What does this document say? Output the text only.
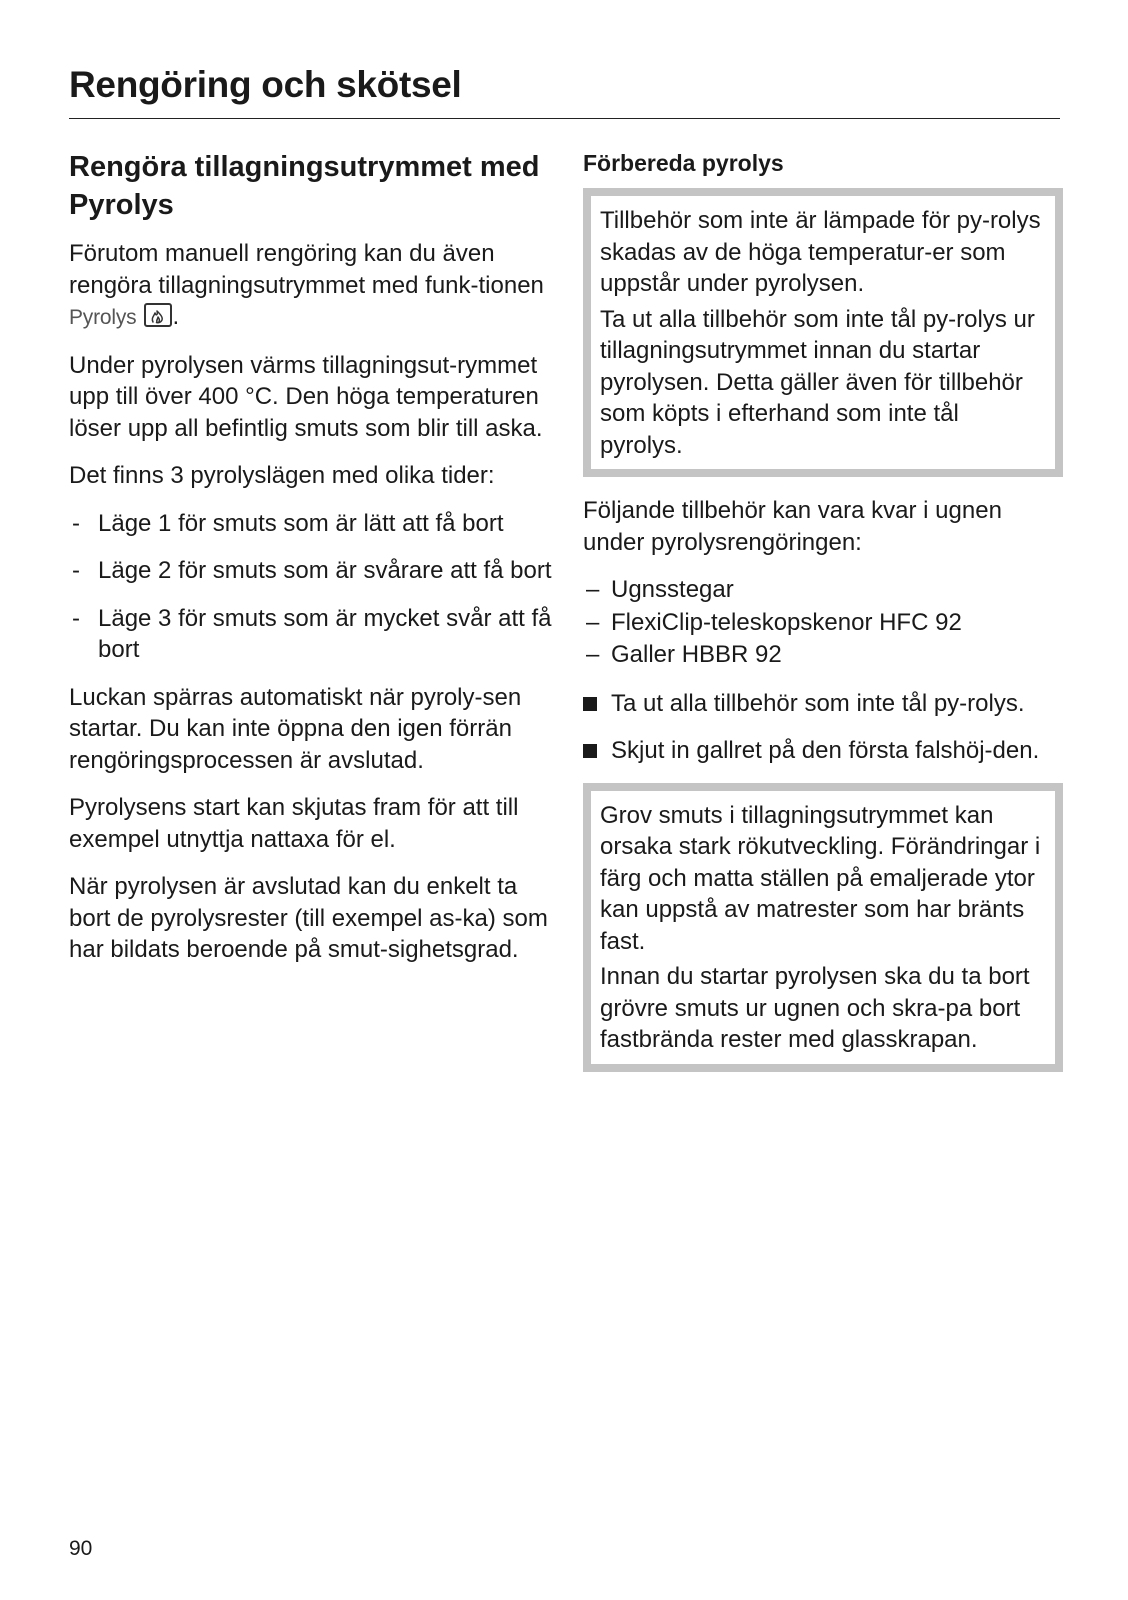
Rengöring och skötsel
Rengöra tillagningsutrymmet med Pyrolys

Förutom manuell rengöring kan du även rengöra tillagningsutrymmet med funk-tionen Pyrolys .

Under pyrolysen värms tillagningsut-rymmet upp till över 400 °C. Den höga temperaturen löser upp all befintlig smuts som blir till aska.

Det finns 3 pyrolyslägen med olika tider:

- Läge 1 för smuts som är lätt att få bort
- Läge 2 för smuts som är svårare att få bort
- Läge 3 för smuts som är mycket svår att få bort

Luckan spärras automatiskt när pyroly-sen startar. Du kan inte öppna den igen förrän rengöringsprocessen är avslutad.

Pyrolysens start kan skjutas fram för att till exempel utnyttja nattaxa för el.

När pyrolysen är avslutad kan du enkelt ta bort de pyrolysrester (till exempel as-ka) som har bildats beroende på smut-sighetsgrad.

Förbereda pyrolys

Tillbehör som inte är lämpade för py-rolys skadas av de höga temperatur-er som uppstår under pyrolysen.

Ta ut alla tillbehör som inte tål py-rolys ur tillagningsutrymmet innan du startar pyrolysen. Detta gäller även för tillbehör som köpts i efterhand som inte tål pyrolys.

Följande tillbehör kan vara kvar i ugnen under pyrolysrengöringen:

– Ugnsstegar
– FlexiClip-teleskopskenor HFC 92
– Galler HBBR 92
Ta ut alla tillbehör som inte tål py-rolys.
Skjut in gallret på den första falshöj-den.

Grov smuts i tillagningsutrymmet kan orsaka stark rökutveckling. Förändringar i färg och matta ställen på emaljerade ytor kan uppstå av matrester som har bränts fast.

Innan du startar pyrolysen ska du ta bort grövre smuts ur ugnen och skra-pa bort fastbrända rester med glasskrapan.

90
